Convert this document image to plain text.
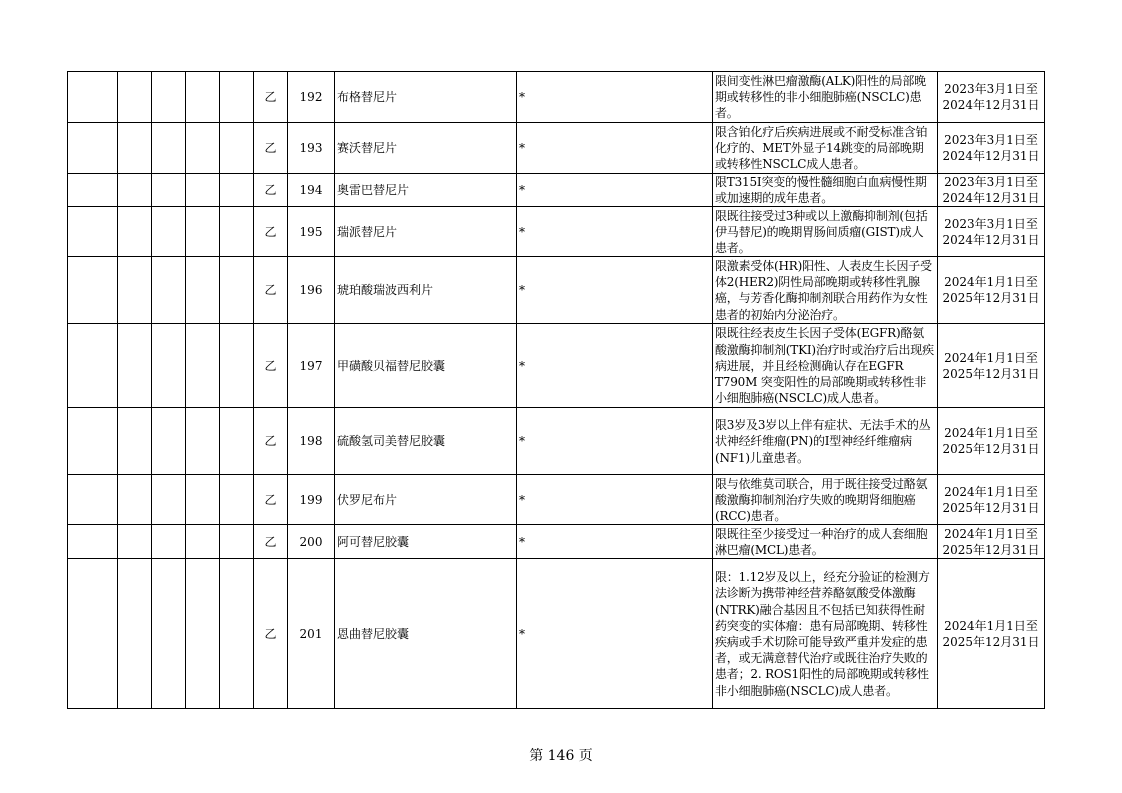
					乙	192	布格替尼片	*	限间变性淋巴瘤激酶(ALK)阳性的局部晚期或转移性的非小细胞肺癌(NSCLC)患者。	2023年3月1日至2024年12月31日
					乙	193	赛沃替尼片	*	限含铂化疗后疾病进展或不耐受标准含铂化疗的、MET外显子14跳变的局部晚期或转移性NSCLC成人患者。	2023年3月1日至2024年12月31日
					乙	194	奥雷巴替尼片	*	限T315I突变的慢性髓细胞白血病慢性期或加速期的成年患者。	2023年3月1日至2024年12月31日
					乙	195	瑞派替尼片	*	限既往接受过3种或以上激酶抑制剂(包括伊马替尼)的晚期胃肠间质瘤(GIST)成人患者。	2023年3月1日至2024年12月31日
					乙	196	琥珀酸瑞波西利片	*	限激素受体(HR)阳性、人表皮生长因子受体2(HER2)阴性局部晚期或转移性乳腺癌，与芳香化酶抑制剂联合用药作为女性患者的初始内分泌治疗。	2024年1月1日至2025年12月31日
					乙	197	甲磺酸贝福替尼胶囊	*	限既往经表皮生长因子受体(EGFR)酪氨酸激酶抑制剂(TKI)治疗时或治疗后出现疾病进展，并且经检测确认存在EGFR T790M 突变阳性的局部晚期或转移性非小细胞肺癌(NSCLC)成人患者。	2024年1月1日至2025年12月31日
					乙	198	硫酸氢司美替尼胶囊	*	限3岁及3岁以上伴有症状、无法手术的丛状神经纤维瘤(PN)的I型神经纤维瘤病(NF1)儿童患者。	2024年1月1日至2025年12月31日
					乙	199	伏罗尼布片	*	限与依维莫司联合，用于既往接受过酪氨酸激酶抑制剂治疗失败的晚期肾细胞癌(RCC)患者。	2024年1月1日至2025年12月31日
					乙	200	阿可替尼胶囊	*	限既往至少接受过一种治疗的成人套细胞淋巴瘤(MCL)患者。	2024年1月1日至2025年12月31日
					乙	201	恩曲替尼胶囊	*	限：1.12岁及以上，经充分验证的检测方法诊断为携带神经营养酪氨酸受体激酶(NTRK)融合基因且不包括已知获得性耐药突变的实体瘤：患有局部晚期、转移性疾病或手术切除可能导致严重并发症的患者，或无满意替代治疗或既往治疗失败的患者；2. ROS1阳性的局部晚期或转移性非小细胞肺癌(NSCLC)成人患者。	2024年1月1日至2025年12月31日
第 146 页
